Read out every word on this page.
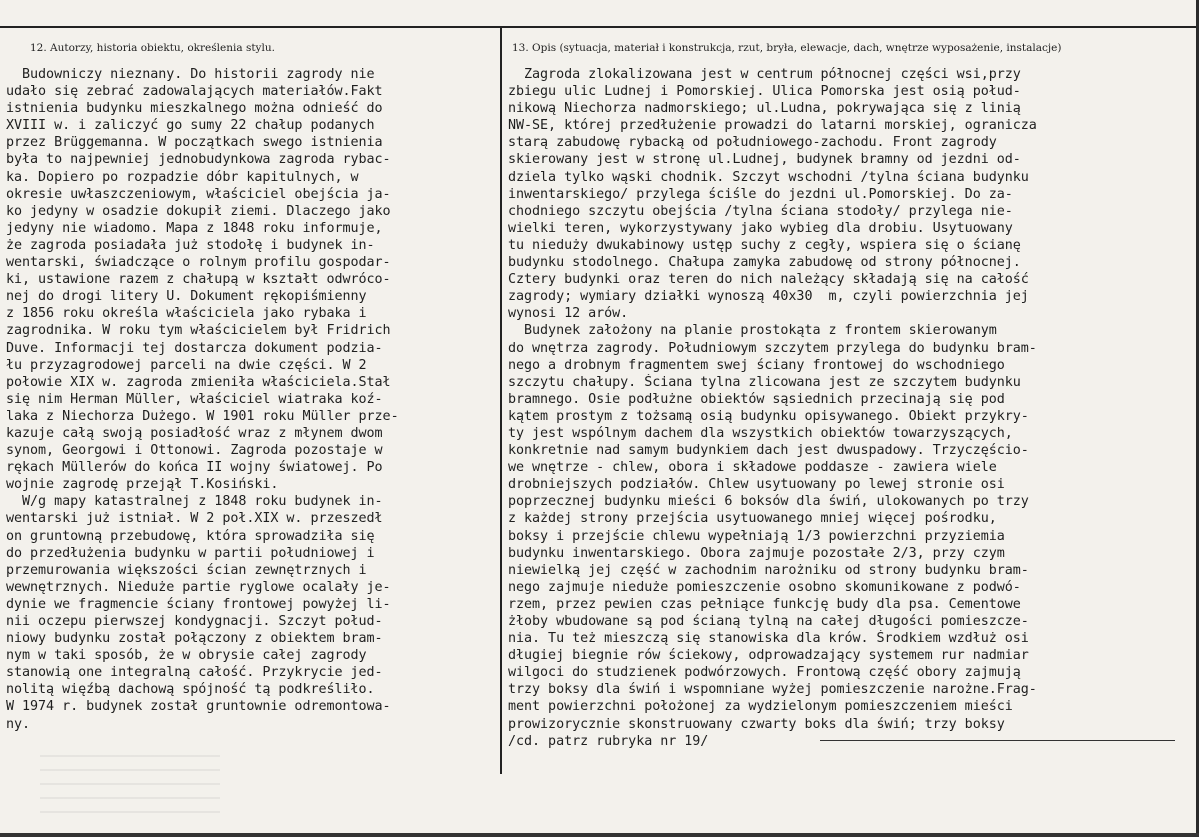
12. Autorzy, historia obiektu, określenia stylu.	13. Opis (sytuacja, materiał i konstrukcja, rzut, bryła, elewacje, dach, wnętrze wyposażenie, instalacje)
Budowniczy nieznany. Do historii zagrody nie
udało się zebrać zadowalających materiałów.Fakt
istnienia budynku mieszkalnego można odnieść do
XVIII w. i zaliczyć go sumy 22 chałup podanych
przez Brüggemanna. W początkach swego istnienia
była to najpewniej jednobudynkowa zagroda rybac-
ka. Dopiero po rozpadzie dóbr kapitulnych, w
okresie uwłaszczeniowym, właściciel obejścia ja-
ko jedyny w osadzie dokupił ziemi. Dlaczego jako
jedyny nie wiadomo. Mapa z 1848 roku informuje,
że zagroda posiadała już stodołę i budynek in-
wentarski, świadczące o rolnym profilu gospodar-
ki, ustawione razem z chałupą w kształt odwróco-
nej do drogi litery U. Dokument rękopiśmienny
z 1856 roku określa właściciela jako rybaka i
zagrodnika. W roku tym właścicielem był Fridrich
Duve. Informacji tej dostarcza dokument podzia-
łu przyzagrodowej parceli na dwie części. W 2
połowie XIX w. zagroda zmieniła właściciela.Stał
się nim Herman Müller, właściciel wiatraka koź-
laka z Niechorza Dużego. W 1901 roku Müller prze-
kazuje całą swoją posiadłość wraz z młynem dwom
synom, Georgowi i Ottonowi. Zagroda pozostaje w
rękach Müllerów do końca II wojny światowej. Po
wojnie zagrodę przejął T.Kosiński.
W/g mapy katastralnej z 1848 roku budynek in-
wentarski już istniał. W 2 poł.XIX w. przeszedł
on gruntowną przebudowę, która sprowadziła się
do przedłużenia budynku w partii południowej i
przemurowania większości ścian zewnętrznych i
wewnętrznych. Nieduże partie ryglowe ocalały je-
dynie we fragmencie ściany frontowej powyżej li-
nii oczepu pierwszej kondygnacji. Szczyt połud-
niowy budynku został połączony z obiektem bram-
nym w taki sposób, że w obrysie całej zagrody
stanowią one integralną całość. Przykrycie jed-
nolitą więźbą dachową spójność tą podkreśliło.
W 1974 r. budynek został gruntownie odremontowa-
ny.
Zagroda zlokalizowana jest w centrum północnej części wsi,przy
zbiegu ulic Ludnej i Pomorskiej. Ulica Pomorska jest osią połud-
nikową Niechorza nadmorskiego; ul.Ludna, pokrywająca się z linią
NW-SE, której przedłużenie prowadzi do latarni morskiej, ogranicza
starą zabudowę rybacką od południowego-zachodu. Front zagrody
skierowany jest w stronę ul.Ludnej, budynek bramny od jezdni od-
dziela tylko wąski chodnik. Szczyt wschodni /tylna ściana budynku
inwentarskiego/ przylega ściśle do jezdni ul.Pomorskiej. Do za-
chodniego szczytu obejścia /tylna ściana stodoły/ przylega nie-
wielki teren, wykorzystywany jako wybieg dla drobiu. Usytuowany
tu nieduży dwukabinowy ustęp suchy z cegły, wspiera się o ścianę
budynku stodolnego. Chałupa zamyka zabudowę od strony północnej.
Cztery budynki oraz teren do nich należący składają się na całość
zagrody; wymiary działki wynoszą 40x30  m, czyli powierzchnia jej
wynosi 12 arów.
Budynek założony na planie prostokąta z frontem skierowanym
do wnętrza zagrody. Południowym szczytem przylega do budynku bram-
nego a drobnym fragmentem swej ściany frontowej do wschodniego
szczytu chałupy. Ściana tylna zlicowana jest ze szczytem budynku
bramnego. Osie podłużne obiektów sąsiednich przecinają się pod
kątem prostym z tożsamą osią budynku opisywanego. Obiekt przykry-
ty jest wspólnym dachem dla wszystkich obiektów towarzyszących,
konkretnie nad samym budynkiem dach jest dwuspadowy. Trzyczęścio-
we wnętrze - chlew, obora i składowe poddasze - zawiera wiele
drobniejszych podziałów. Chlew usytuowany po lewej stronie osi
poprzecznej budynku mieści 6 boksów dla świń, ulokowanych po trzy
z każdej strony przejścia usytuowanego mniej więcej pośrodku,
boksy i przejście chlewu wypełniają 1/3 powierzchni przyziemia
budynku inwentarskiego. Obora zajmuje pozostałe 2/3, przy czym
niewielką jej część w zachodnim narożniku od strony budynku bram-
nego zajmuje nieduże pomieszczenie osobno skomunikowane z podwó-
rzem, przez pewien czas pełniące funkcję budy dla psa. Cementowe
żłoby wbudowane są pod ścianą tylną na całej długości pomieszcze-
nia. Tu też mieszczą się stanowiska dla krów. Środkiem wzdłuż osi
długiej biegnie rów ściekowy, odprowadzający systemem rur nadmiar
wilgoci do studzienek podwórzowych. Frontową część obory zajmują
trzy boksy dla świń i wspomniane wyżej pomieszczenie narożne.Frag-
ment powierzchni położonej za wydzielonym pomieszczeniem mieści
prowizorycznie skonstruowany czwarty boks dla świń; trzy boksy
/cd. patrz rubryka nr 19/
